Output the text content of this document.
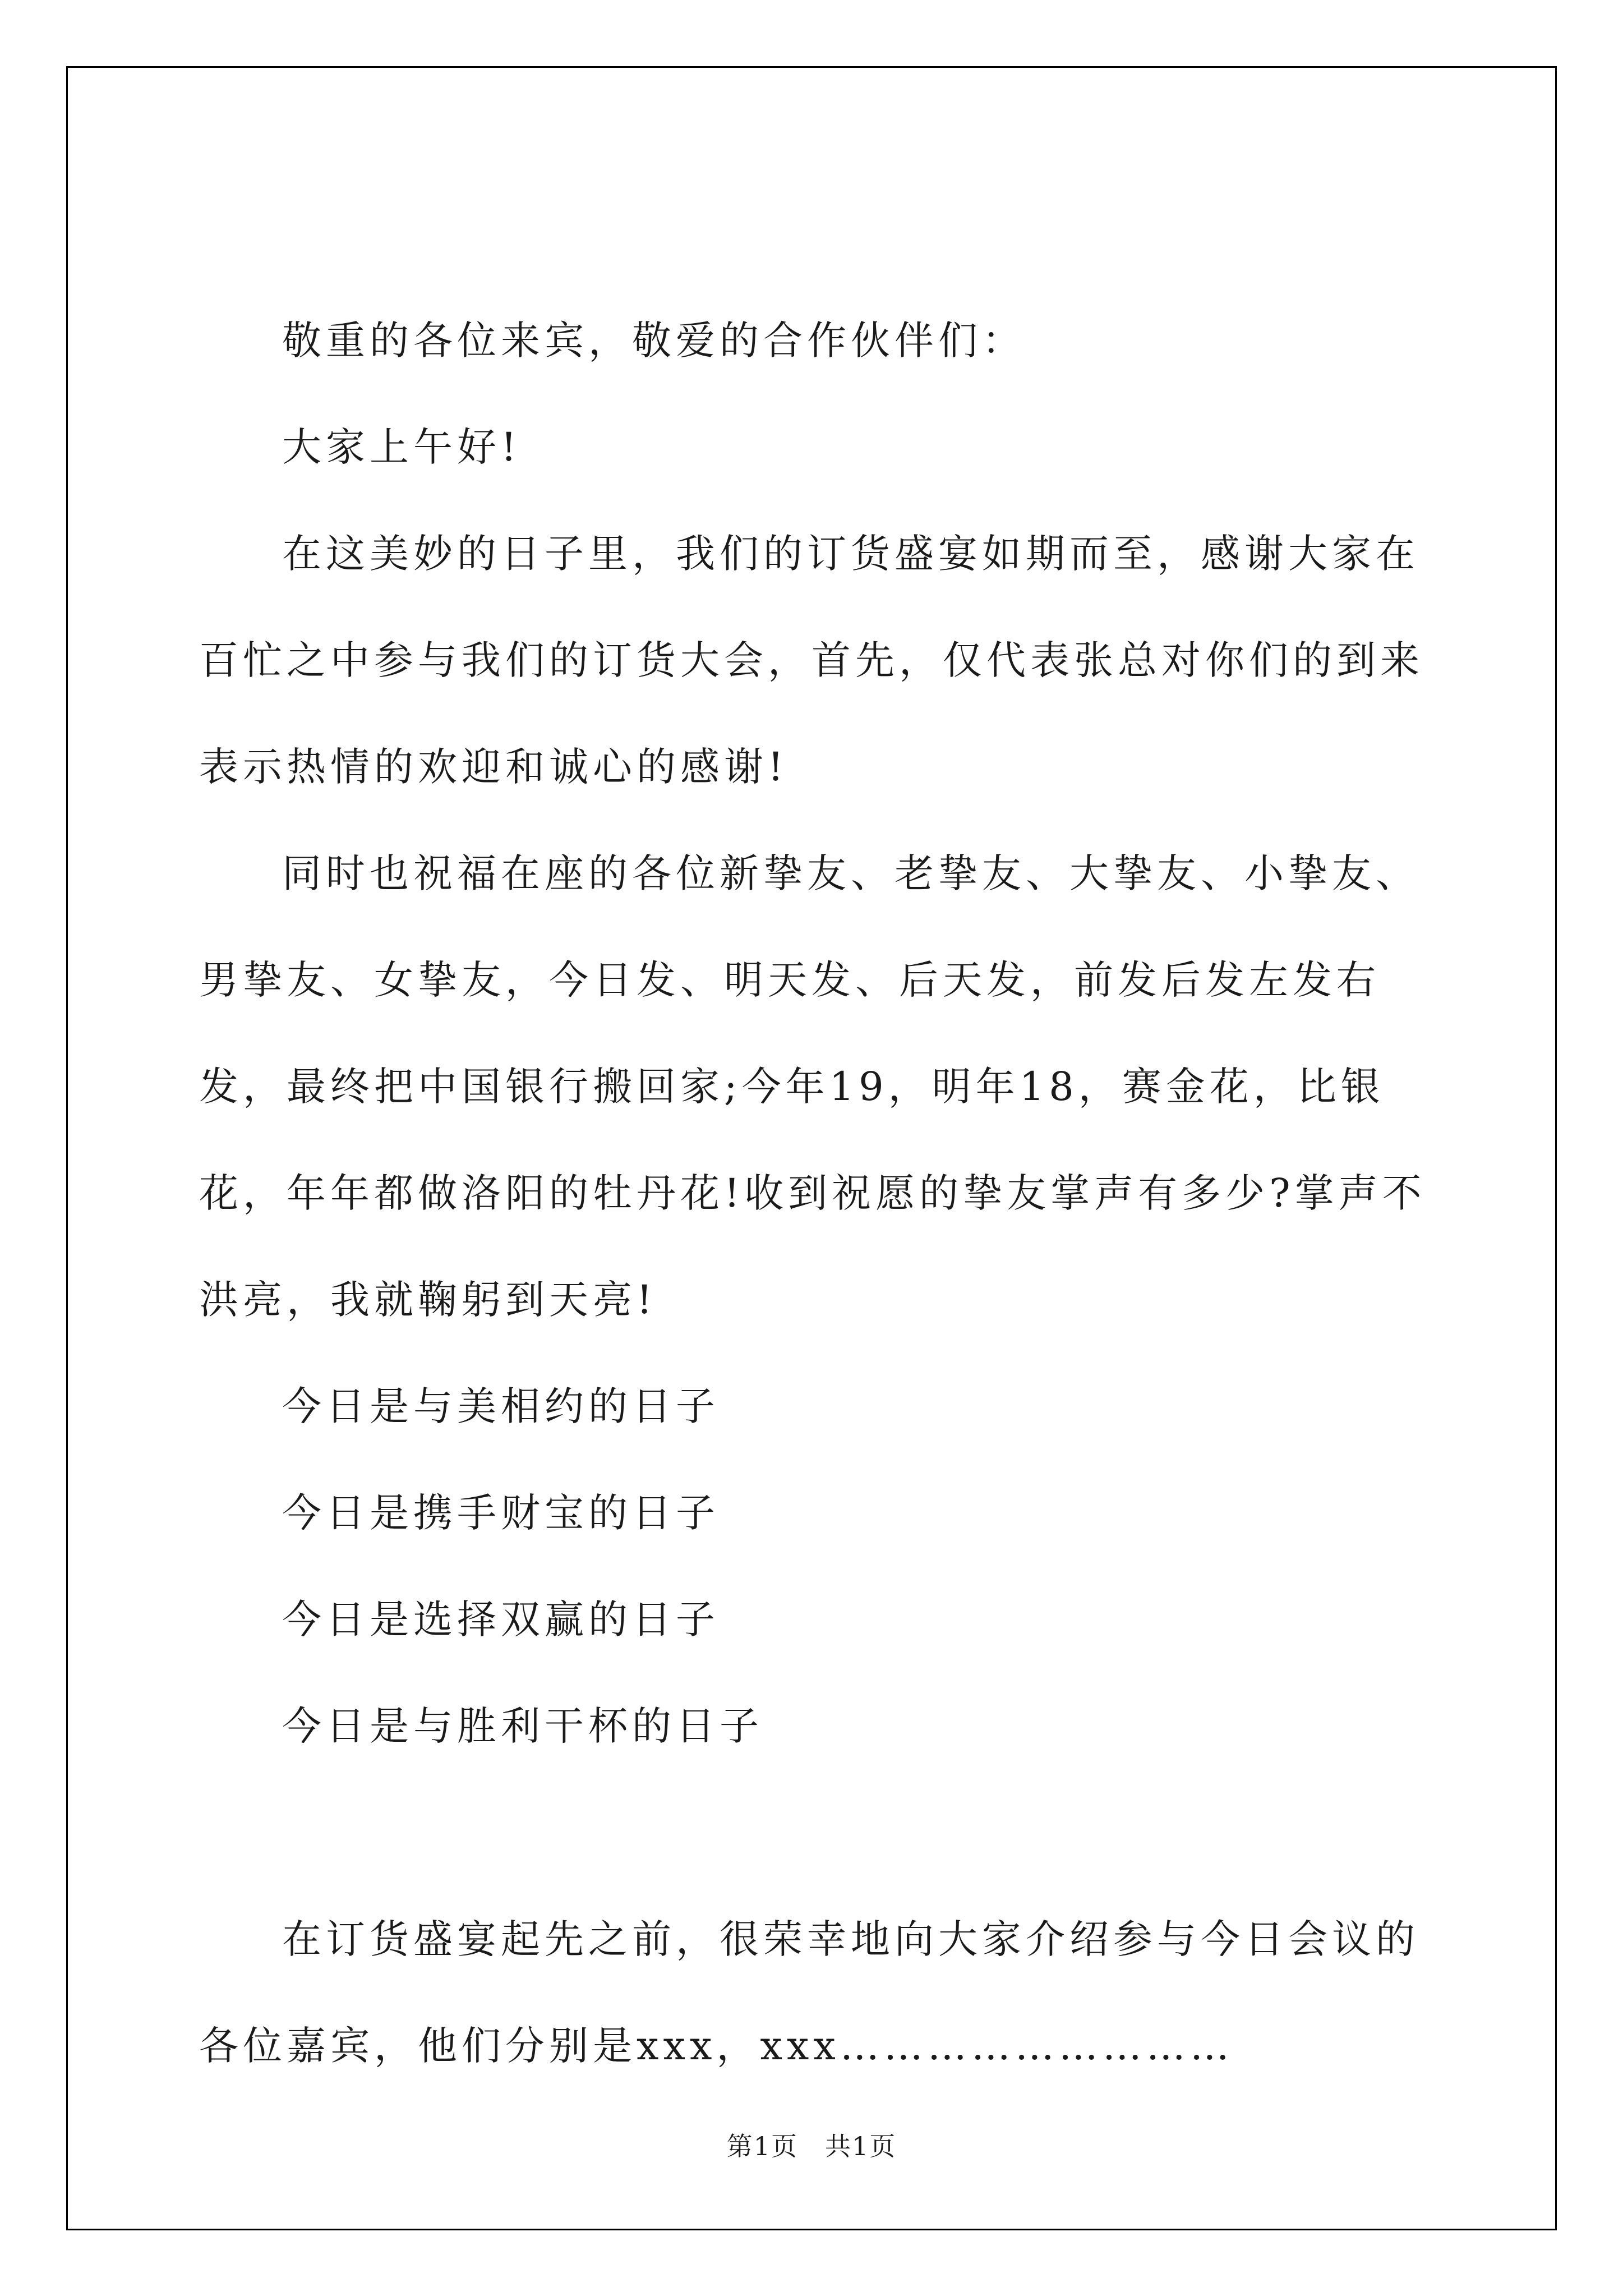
敬重的各位来宾，敬爱的合作伙伴们：

大家上午好!

在这美妙的日子里，我们的订货盛宴如期而至，感谢大家在百忙之中参与我们的订货大会，首先，仅代表张总对你们的到来表示热情的欢迎和诚心的感谢!

同时也祝福在座的各位新挚友、老挚友、大挚友、小挚友、男挚友、女挚友，今日发、明天发、后天发，前发后发左发右发，最终把中国银行搬回家;今年19，明年18，赛金花，比银花，年年都做洛阳的牡丹花!收到祝愿的挚友掌声有多少?掌声不洪亮，我就鞠躬到天亮!

今日是与美相约的日子

今日是携手财宝的日子

今日是选择双赢的日子

今日是与胜利干杯的日子

在订货盛宴起先之前，很荣幸地向大家介绍参与今日会议的各位嘉宾，他们分别是xxx，xxx………………………

第1页　共1页
